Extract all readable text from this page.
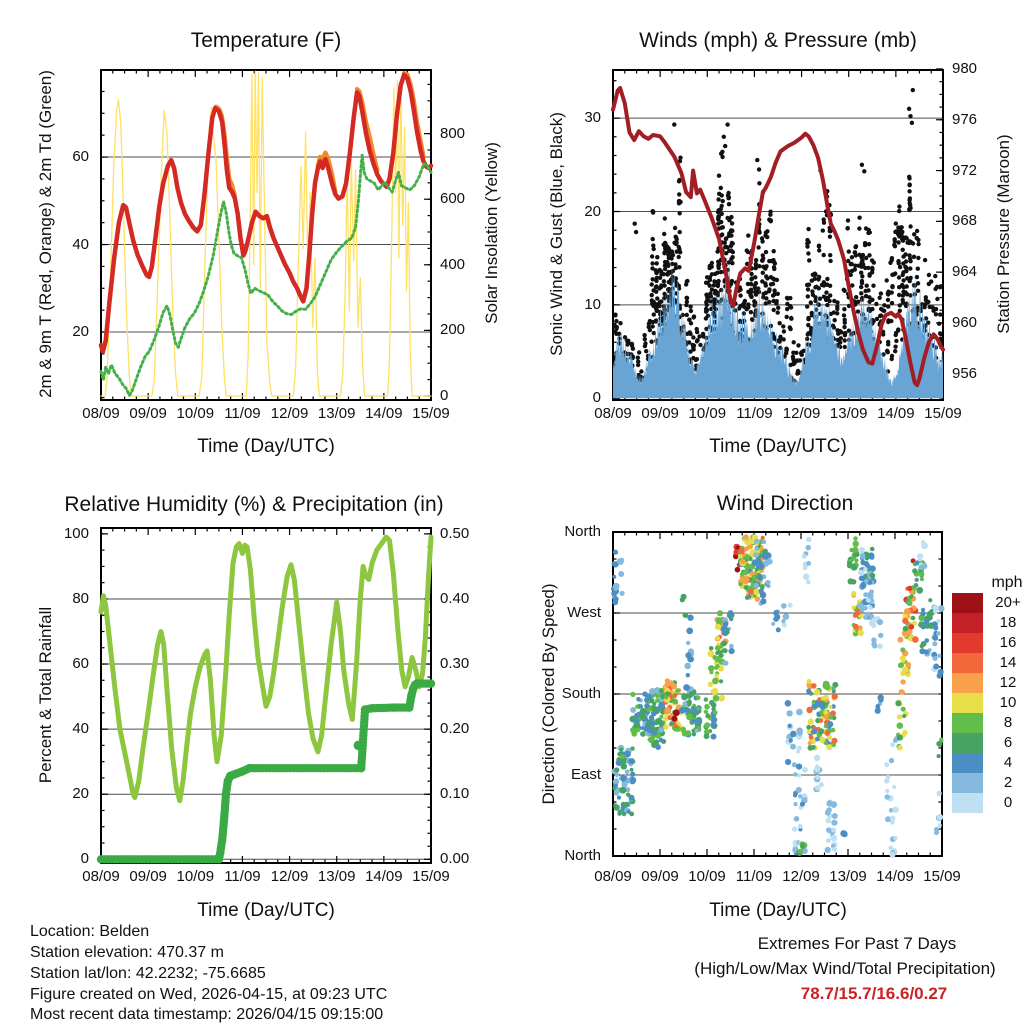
Temperature (F)	Winds (mph) & Pressure (mb)
Relative Humidity (%) & Precipitation (in)	Wind Direction
Time (Day/UTC)	Time (Day/UTC)
Time (Day/UTC)	Time (Day/UTC)
2m & 9m T (Red, Orange) & 2m Td (Green)	Solar Insolation (Yellow)	Sonic Wind & Gust (Blue, Black)	Station Pressure (Maroon)
Percent & Total Rainfall	Direction (Colored By Speed)
mph
Extremes For Past 7 Days
(High/Low/Max Wind/Total Precipitation)
78.7/15.7/16.6/0.27
Location: Belden
Station elevation: 470.37 m
Station lat/lon: 42.2232; -75.6685
Figure created on Wed, 2026-04-15, at 09:23 UTC
Most recent data timestamp: 2026/04/15 09:15:00
08/09 09/09 10/09 11/09 12/09 13/09 14/09 15/09
20
40
60
0
200
400
600
800
08/09 09/09 10/09 11/09 12/09 13/09 14/09 15/09
0
10
20
30
956
960
964
968
972
976
980
08/09 09/09 10/09 11/09 12/09 13/09 14/09 15/09
0
20
40
60
80
100
0.00
0.10
0.20
0.30
0.40
0.50
08/09 09/09 10/09 11/09 12/09 13/09 14/09 15/09
North
West
South
East
North
20+
18
16
14
12
10
8
6
4
2
0
